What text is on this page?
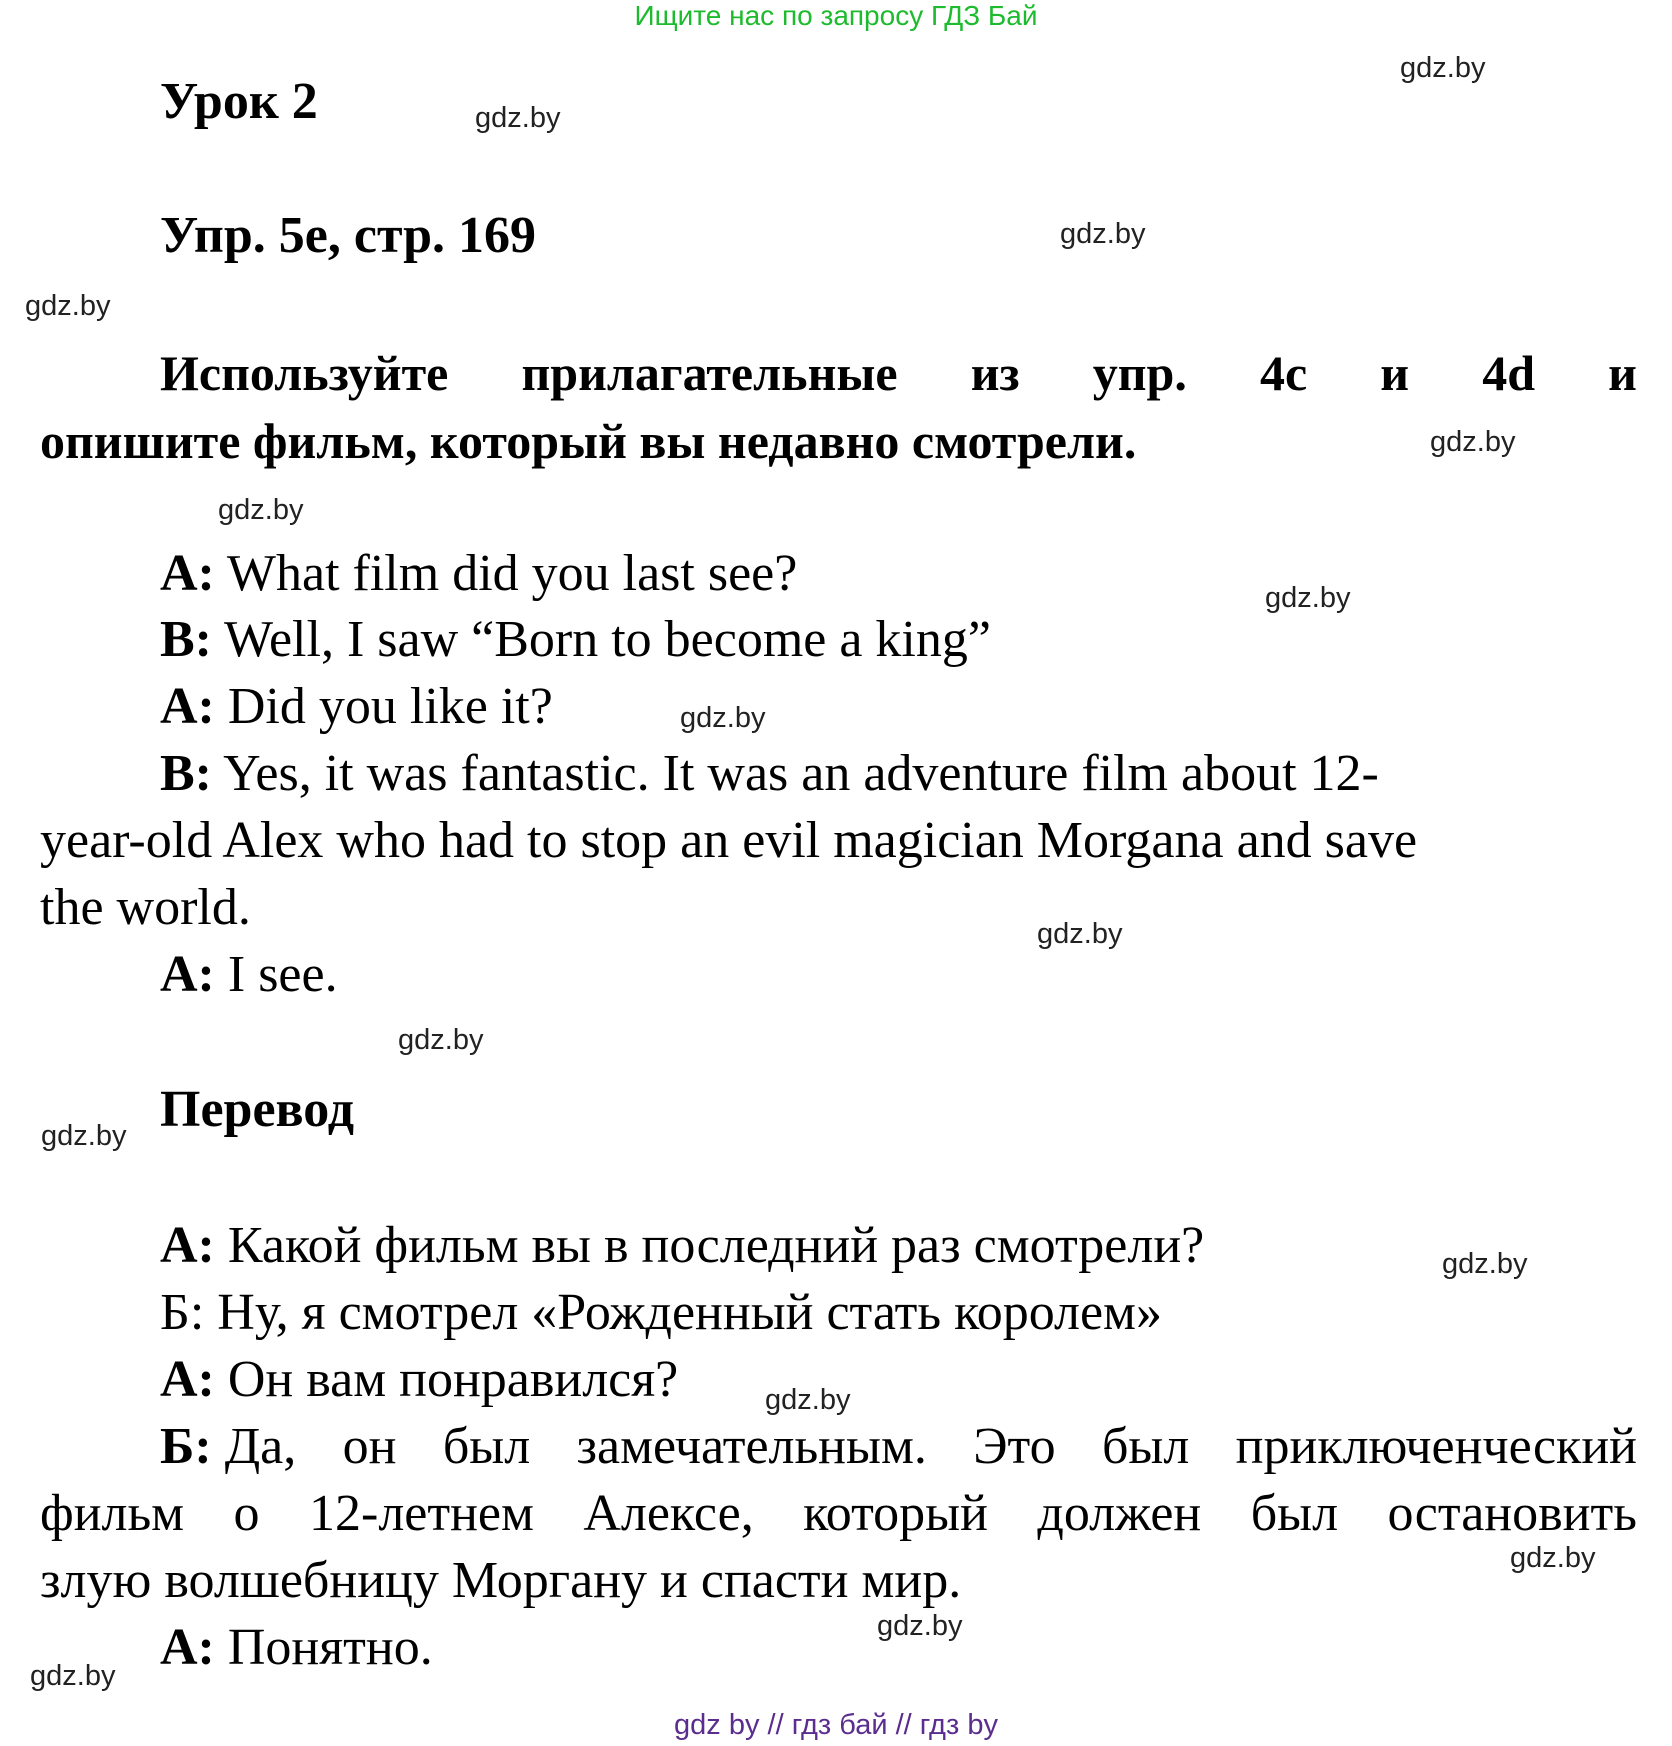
Ищите нас по запросу ГДЗ Бай
gdz.by
gdz.by
gdz.by
gdz.by
gdz.by
gdz.by
gdz.by
gdz.by
gdz.by
gdz.by
gdz.by
gdz.by
gdz.by
gdz.by
gdz.by
gdz.by
Урок 2
Упр. 5е, стр. 169
Используйте прилагательные из упр. 4c и 4d и
опишите фильм, который вы недавно смотрели.
A: What film did you last see?
B: Well, I saw “Born to become a king”
A: Did you like it?
B: Yes, it was fantastic. It was an adventure film about 12-
year-old Alex who had to stop an evil magician Morgana and save
the world.
A: I see.
Перевод
А: Какой фильм вы в последний раз смотрели?
Б: Ну, я смотрел «Рожденный стать королем»
А: Он вам понравился?
Б: Да, он был замечательным. Это был приключенческий
фильм о 12-летнем Алексе, который должен был остановить
злую волшебницу Моргану и спасти мир.
А: Понятно.
gdz by // гдз бай // гдз by
